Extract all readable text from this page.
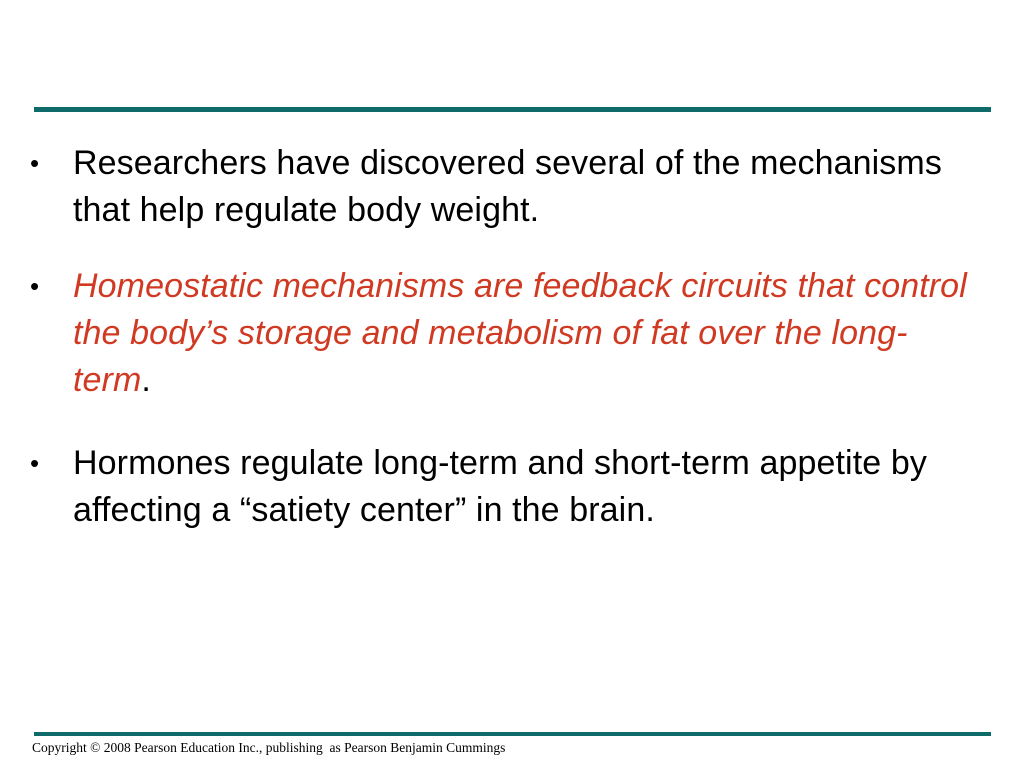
• Researchers have discovered several of the mechanisms that help regulate body weight.
• Homeostatic mechanisms are feedback circuits that control the body’s storage and metabolism of fat over the long-term.
• Hormones regulate long-term and short-term appetite by affecting a “satiety center” in the brain.
Copyright © 2008 Pearson Education Inc., publishing  as Pearson Benjamin Cummings
